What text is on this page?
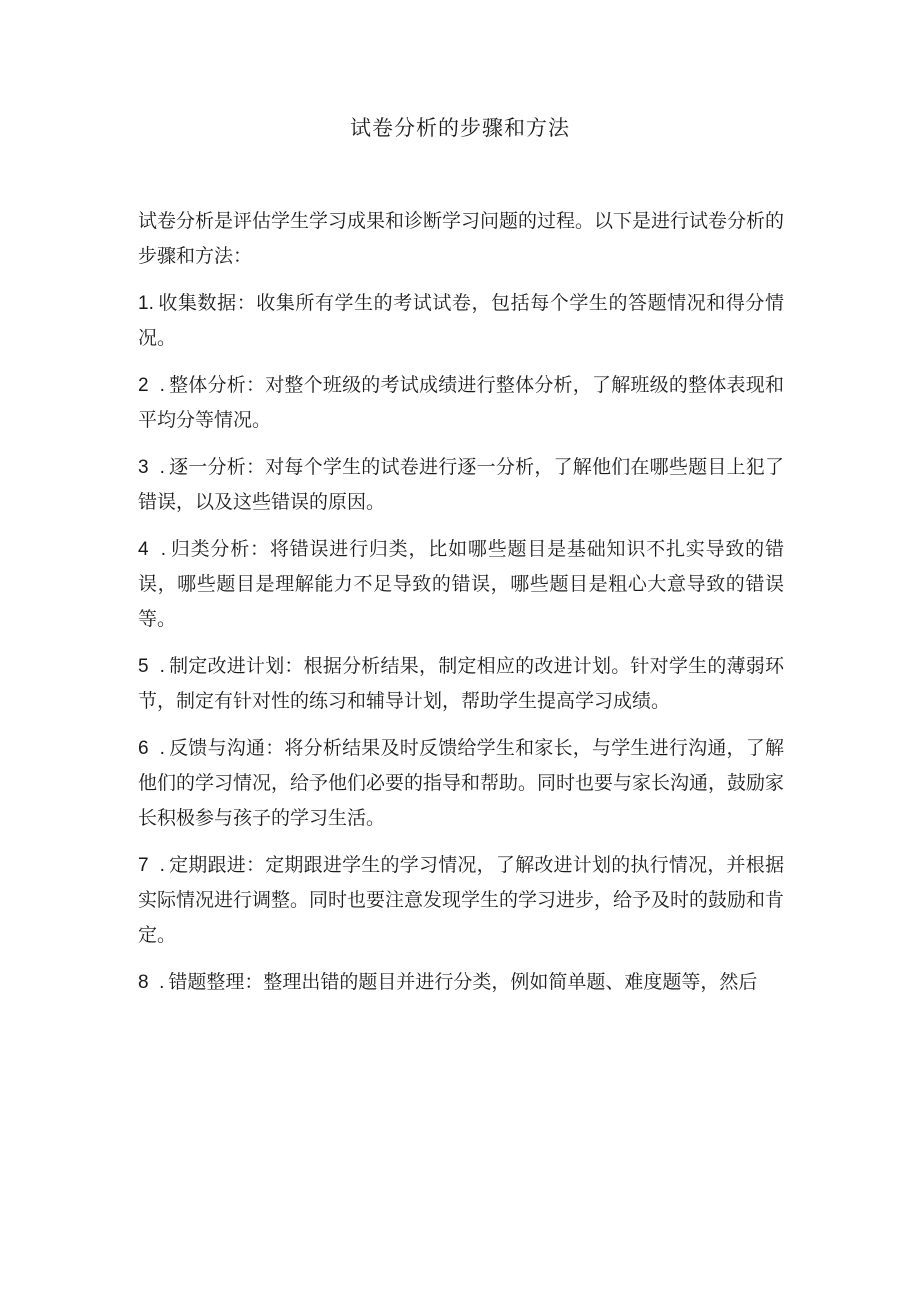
试卷分析的步骤和方法

试卷分析是评估学生学习成果和诊断学习问题的过程。以下是进行试卷分析的步骤和方法：

1. 收集数据：收集所有学生的考试试卷，包括每个学生的答题情况和得分情况。

2  . 整体分析：对整个班级的考试成绩进行整体分析，了解班级的整体表现和平均分等情况。

3  . 逐一分析：对每个学生的试卷进行逐一分析，了解他们在哪些题目上犯了错误，以及这些错误的原因。

4  . 归类分析：将错误进行归类，比如哪些题目是基础知识不扎实导致的错误，哪些题目是理解能力不足导致的错误，哪些题目是粗心大意导致的错误等。

5  . 制定改进计划：根据分析结果，制定相应的改进计划。针对学生的薄弱环节，制定有针对性的练习和辅导计划，帮助学生提高学习成绩。

6  . 反馈与沟通：将分析结果及时反馈给学生和家长，与学生进行沟通，了解他们的学习情况，给予他们必要的指导和帮助。同时也要与家长沟通，鼓励家长积极参与孩子的学习生活。

7  . 定期跟进：定期跟进学生的学习情况，了解改进计划的执行情况，并根据实际情况进行调整。同时也要注意发现学生的学习进步，给予及时的鼓励和肯定。

8  . 错题整理：整理出错的题目并进行分类，例如简单题、难度题等，然后
